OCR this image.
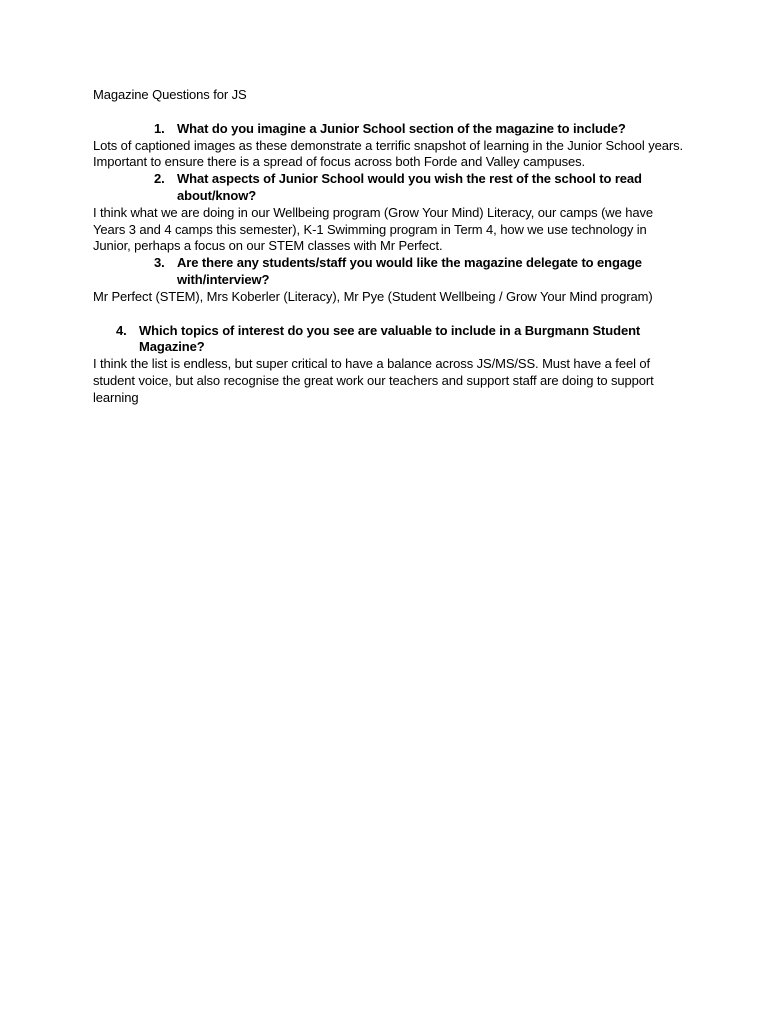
Magazine Questions for JS

1. What do you imagine a Junior School section of the magazine to include?

Lots of captioned images as these demonstrate a terrific snapshot of learning in the Junior School years. Important to ensure there is a spread of focus across both Forde and Valley campuses.

2. What aspects of Junior School would you wish the rest of the school to read about/know?

I think what we are doing in our Wellbeing program (Grow Your Mind) Literacy, our camps (we have Years 3 and 4 camps this semester), K-1 Swimming program in Term 4, how we use technology in Junior, perhaps a focus on our STEM classes with Mr Perfect.

3. Are there any students/staff you would like the magazine delegate to engage with/interview?

Mr Perfect (STEM), Mrs Koberler (Literacy), Mr Pye (Student Wellbeing / Grow Your Mind program)

4. Which topics of interest do you see are valuable to include in a Burgmann Student Magazine?

I think the list is endless, but super critical to have a balance across JS/MS/SS. Must have a feel of student voice, but also recognise the great work our teachers and support staff are doing to support learning
